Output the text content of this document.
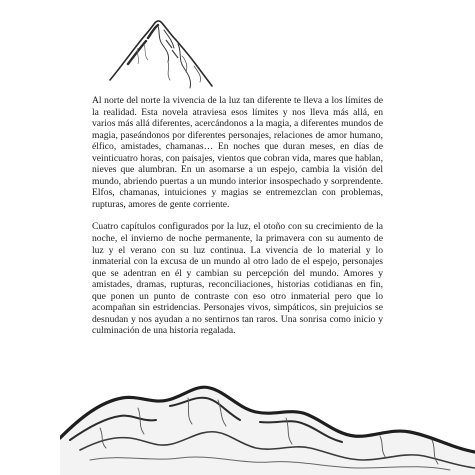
Al norte del norte la vivencia de la luz tan diferente te lleva a los límites de la realidad. Esta novela atraviesa esos límites y nos lleva más allá, en varios más allá diferentes, acercándonos a la magia, a diferentes mundos de magia, paseándonos por diferentes personajes, relaciones de amor humano, élfico, amistades, chamanas… En noches que duran meses, en días de veinticuatro horas, con paisajes, vientos que cobran vida, mares que hablan, nieves que alumbran. En un asomarse a un espejo, cambia la visión del mundo, abriendo puertas a un mundo interior insospechado y sorprendente. Elfos, chamanas, intuiciones y magias se entremezclan con problemas, rupturas, amores de gente corriente.

Cuatro capítulos configurados por la luz, el otoño con su crecimiento de la noche, el invierno de noche permanente, la primavera con su aumento de luz y el verano con su luz continua. La vivencia de lo material y lo inmaterial con la excusa de un mundo al otro lado de el espejo, personajes que se adentran en él y cambian su percepción del mundo. Amores y amistades, dramas, rupturas, reconciliaciones, historias cotidianas en fin, que ponen un punto de contraste con eso otro inmaterial pero que lo acompañan sin estridencias. Personajes vivos, simpáticos, sin prejuicios se desnudan y nos ayudan a no sentirnos tan raros. Una sonrisa como inicio y culminación de una historia regalada.
